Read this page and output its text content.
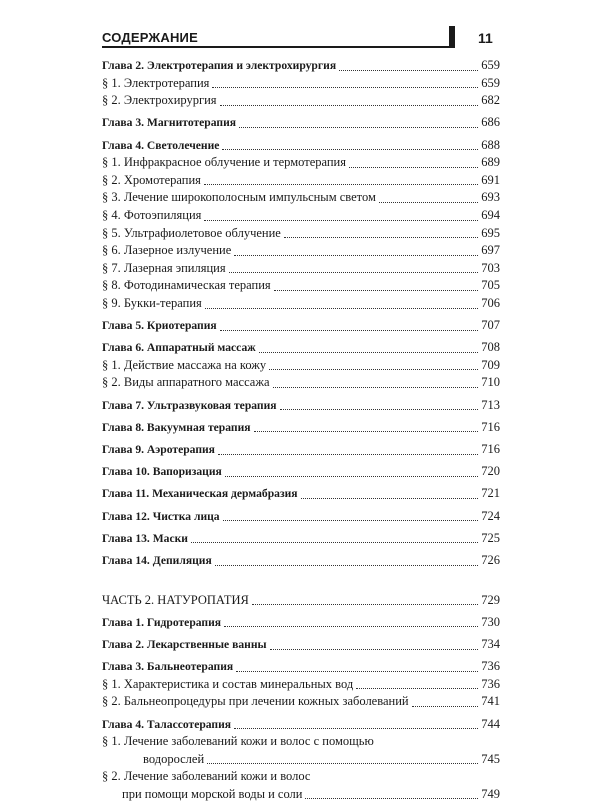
СОДЕРЖАНИЕ	11
Глава 2. Электротерапия и электрохирургия	659
§ 1. Электротерапия	659
§ 2. Электрохирургия	682
Глава 3. Магнитотерапия	686
Глава 4. Светолечение	688
§ 1. Инфракрасное облучение и термотерапия	689
§ 2. Хромотерапия	691
§ 3. Лечение широкополосным импульсным светом	693
§ 4. Фотоэпиляция	694
§ 5. Ультрафиолетовое облучение	695
§ 6. Лазерное излучение	697
§ 7. Лазерная эпиляция	703
§ 8. Фотодинамическая терапия	705
§ 9. Букки-терапия	706
Глава 5. Криотерапия	707
Глава 6. Аппаратный массаж	708
§ 1. Действие массажа на кожу	709
§ 2. Виды аппаратного массажа	710
Глава 7. Ультразвуковая терапия	713
Глава 8. Вакуумная терапия	716
Глава 9. Аэротерапия	716
Глава 10. Вапоризация	720
Глава 11. Механическая дермабразия	721
Глава 12. Чистка лица	724
Глава 13. Маски	725
Глава 14. Депиляция	726
ЧАСТЬ 2. НАТУРОПАТИЯ	729
Глава 1. Гидротерапия	730
Глава 2. Лекарственные ванны	734
Глава 3. Бальнеотерапия	736
§ 1. Характеристика и состав минеральных вод	736
§ 2. Бальнеопроцедуры при лечении кожных заболеваний	741
Глава 4. Талассотерапия	744
§ 1. Лечение заболеваний кожи и волос с помощью
водорослей	745
§ 2. Лечение заболеваний кожи и волос
при помощи морской воды и соли	749
